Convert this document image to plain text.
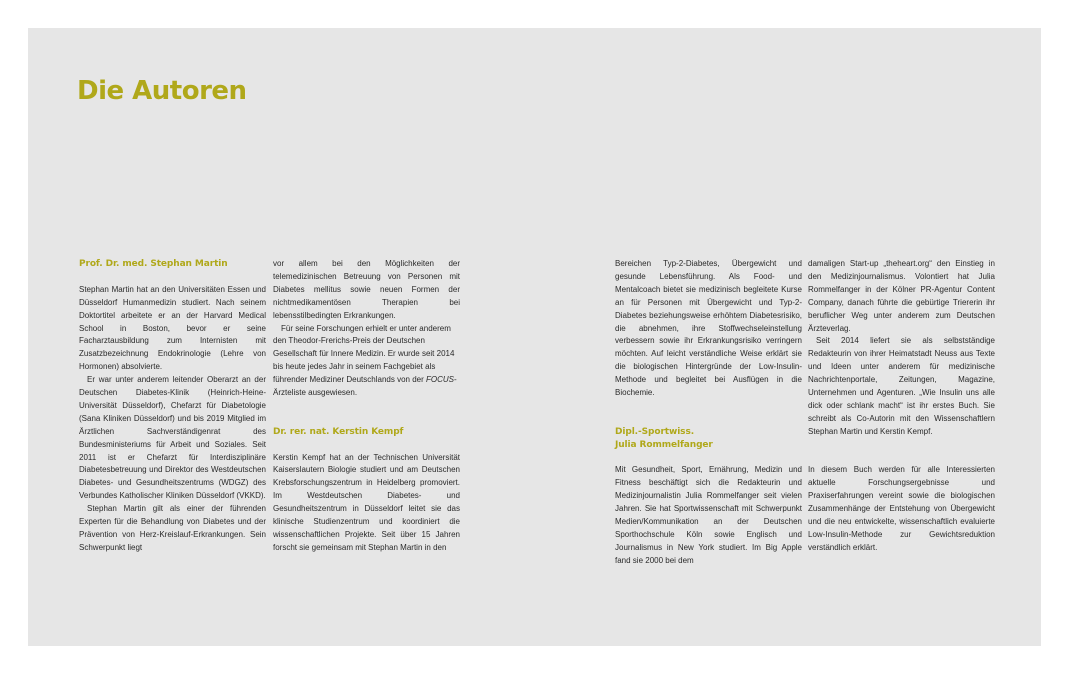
Die Autoren
Prof. Dr. med. Stephan Martin

Stephan Martin hat an den Universitäten Essen und Düsseldorf Humanmedizin studiert. Nach seinem Doktortitel arbeitete er an der Harvard Medical School in Boston, bevor er seine Facharztausbildung zum Internisten mit Zusatzbezeichnung Endokrinologie (Lehre von Hormonen) absolvierte.

Er war unter anderem leitender Oberarzt an der Deutschen Diabetes-Klinik (Heinrich-Heine-Universität Düsseldorf), Chefarzt für Diabetologie (Sana Kliniken Düsseldorf) und bis 2019 Mitglied im Ärztlichen Sachverständigenrat des Bundesministeriums für Arbeit und Soziales. Seit 2011 ist er Chefarzt für Interdisziplinäre Diabetesbetreuung und Direktor des Westdeutschen Diabetes- und Gesundheitszentrums (WDGZ) des Verbundes Katholischer Kliniken Düsseldorf (VKKD).

Stephan Martin gilt als einer der führenden Experten für die Behandlung von Diabetes und der Prävention von Herz-Kreislauf-Erkrankungen. Sein Schwerpunkt liegt

vor allem bei den Möglichkeiten der telemedizinischen Betreuung von Personen mit Diabetes mellitus sowie neuen Formen der nichtmedikamentösen Therapien bei lebensstilbedingten Erkrankungen.

Für seine Forschungen erhielt er unter anderem den Theodor-Frerichs-Preis der Deutschen Gesellschaft für Innere Medizin. Er wurde seit 2014 bis heute jedes Jahr in seinem Fachgebiet als führender Mediziner Deutschlands von der FOCUS-Ärzteliste ausgewiesen.

Dr. rer. nat. Kerstin Kempf

Kerstin Kempf hat an der Technischen Universität Kaiserslautern Biologie studiert und am Deutschen Krebsforschungszentrum in Heidelberg promoviert. Im Westdeutschen Diabetes- und Gesundheitszentrum in Düsseldorf leitet sie das klinische Studienzentrum und koordiniert die wissenschaftlichen Projekte. Seit über 15 Jahren forscht sie gemeinsam mit Stephan Martin in den

Bereichen Typ-2-Diabetes, Übergewicht und gesunde Lebensführung. Als Food- und Mentalcoach bietet sie medizinisch begleitete Kurse an für Personen mit Übergewicht und Typ-2-Diabetes beziehungsweise erhöhtem Diabetesrisiko, die abnehmen, ihre Stoffwechseleinstellung verbessern sowie ihr Erkrankungsrisiko verringern möchten. Auf leicht verständliche Weise erklärt sie die biologischen Hintergründe der Low-Insulin-Methode und begleitet bei Ausflügen in die Biochemie.

Dipl.-Sportwiss.
Julia Rommelfanger

Mit Gesundheit, Sport, Ernährung, Medizin und Fitness beschäftigt sich die Redakteurin und Medizinjournalistin Julia Rommelfanger seit vielen Jahren. Sie hat Sportwissenschaft mit Schwerpunkt Medien/Kommunikation an der Deutschen Sporthochschule Köln sowie Englisch und Journalismus in New York studiert. Im Big Apple fand sie 2000 bei dem

damaligen Start-up „theheart.org“ den Einstieg in den Medizinjournalismus. Volontiert hat Julia Rommelfanger in der Kölner PR-Agentur Content Company, danach führte die gebürtige Triererin ihr beruflicher Weg unter anderem zum Deutschen Ärzteverlag.

Seit 2014 liefert sie als selbstständige Redakteurin von ihrer Heimatstadt Neuss aus Texte und Ideen unter anderem für medizinische Nachrichtenportale, Zeitungen, Magazine, Unternehmen und Agenturen. „Wie Insulin uns alle dick oder schlank macht“ ist ihr erstes Buch. Sie schreibt als Co-Autorin mit den Wissenschaftlern Stephan Martin und Kerstin Kempf.

In diesem Buch werden für alle Interessierten aktuelle Forschungsergebnisse und Praxiserfahrungen vereint sowie die biologischen Zusammenhänge der Entstehung von Übergewicht und die neu entwickelte, wissenschaftlich evaluierte Low-Insulin-Methode zur Gewichtsreduktion verständlich erklärt.
